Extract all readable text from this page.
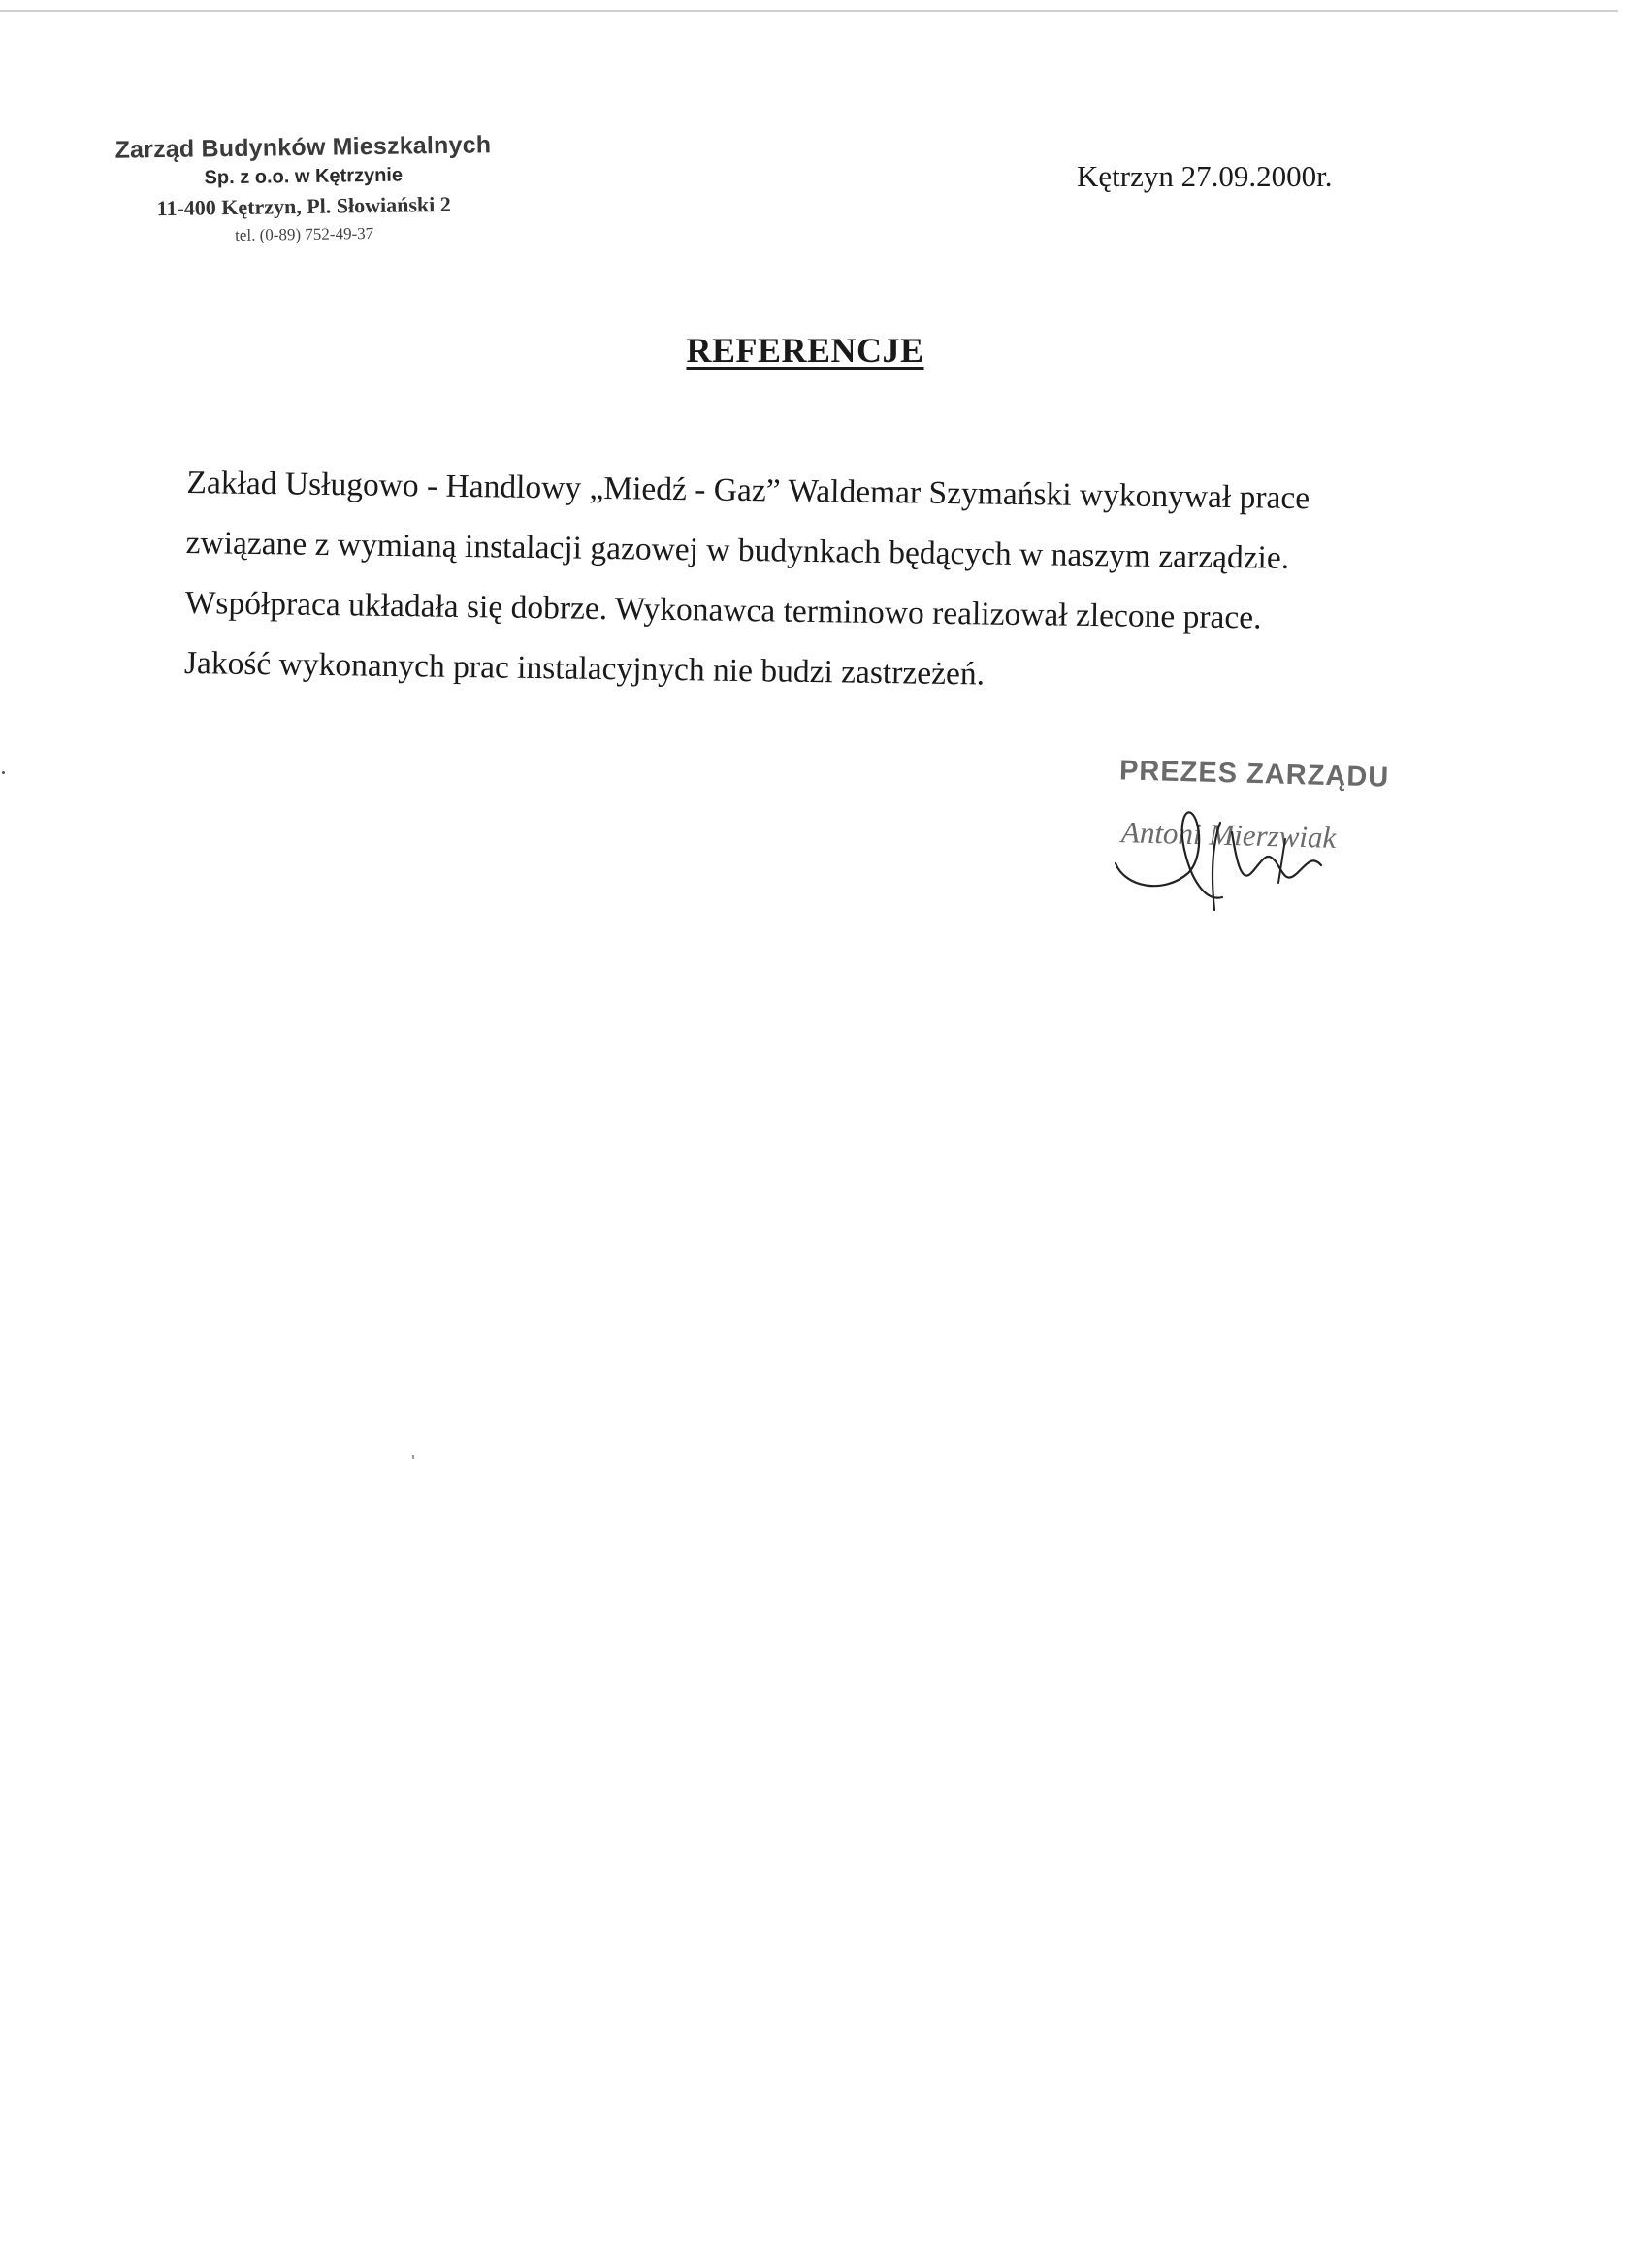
Zarząd Budynków Mieszkalnych
Sp. z o.o. w Kętrzynie
11-400 Kętrzyn, Pl. Słowiański 2
tel. (0-89) 752-49-37
Kętrzyn 27.09.2000r.
REFERENCJE
Zakład Usługowo - Handlowy „Miedź - Gaz” Waldemar Szymański wykonywał prace
związane z wymianą instalacji gazowej w budynkach będących w naszym zarządzie.
Współpraca układała się dobrze. Wykonawca terminowo realizował zlecone prace.
Jakość wykonanych prac instalacyjnych nie budzi zastrzeżeń.
PREZES ZARZĄDU
Antoni Mierzwiak
